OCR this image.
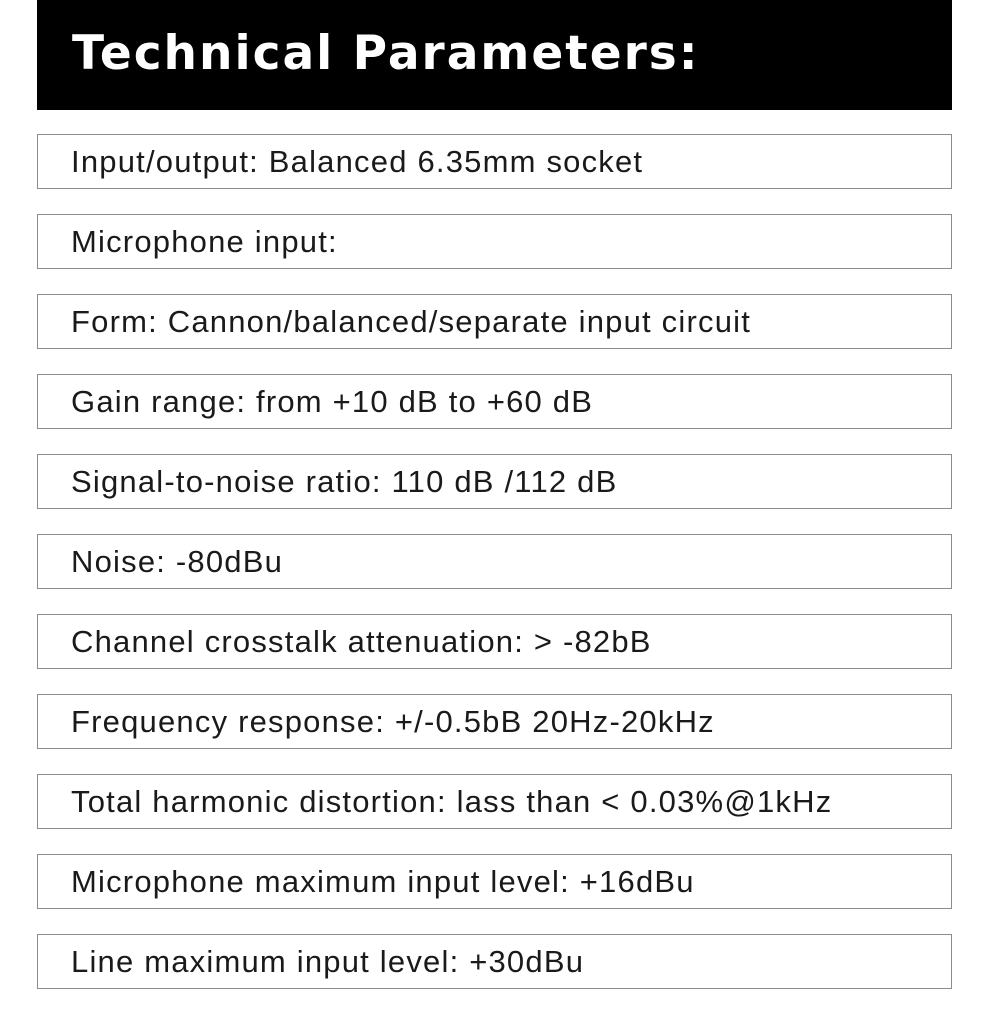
Technical Parameters:
Input/output: Balanced 6.35mm socket
Microphone input:
Form: Cannon/balanced/separate input circuit
Gain range: from +10 dB to +60 dB
Signal-to-noise ratio: 110 dB /112 dB
Noise: -80dBu
Channel crosstalk attenuation: > -82bB
Frequency response: +/-0.5bB 20Hz-20kHz
Total harmonic distortion: lass than < 0.03%@1kHz
Microphone maximum input level: +16dBu
Line maximum input level: +30dBu
